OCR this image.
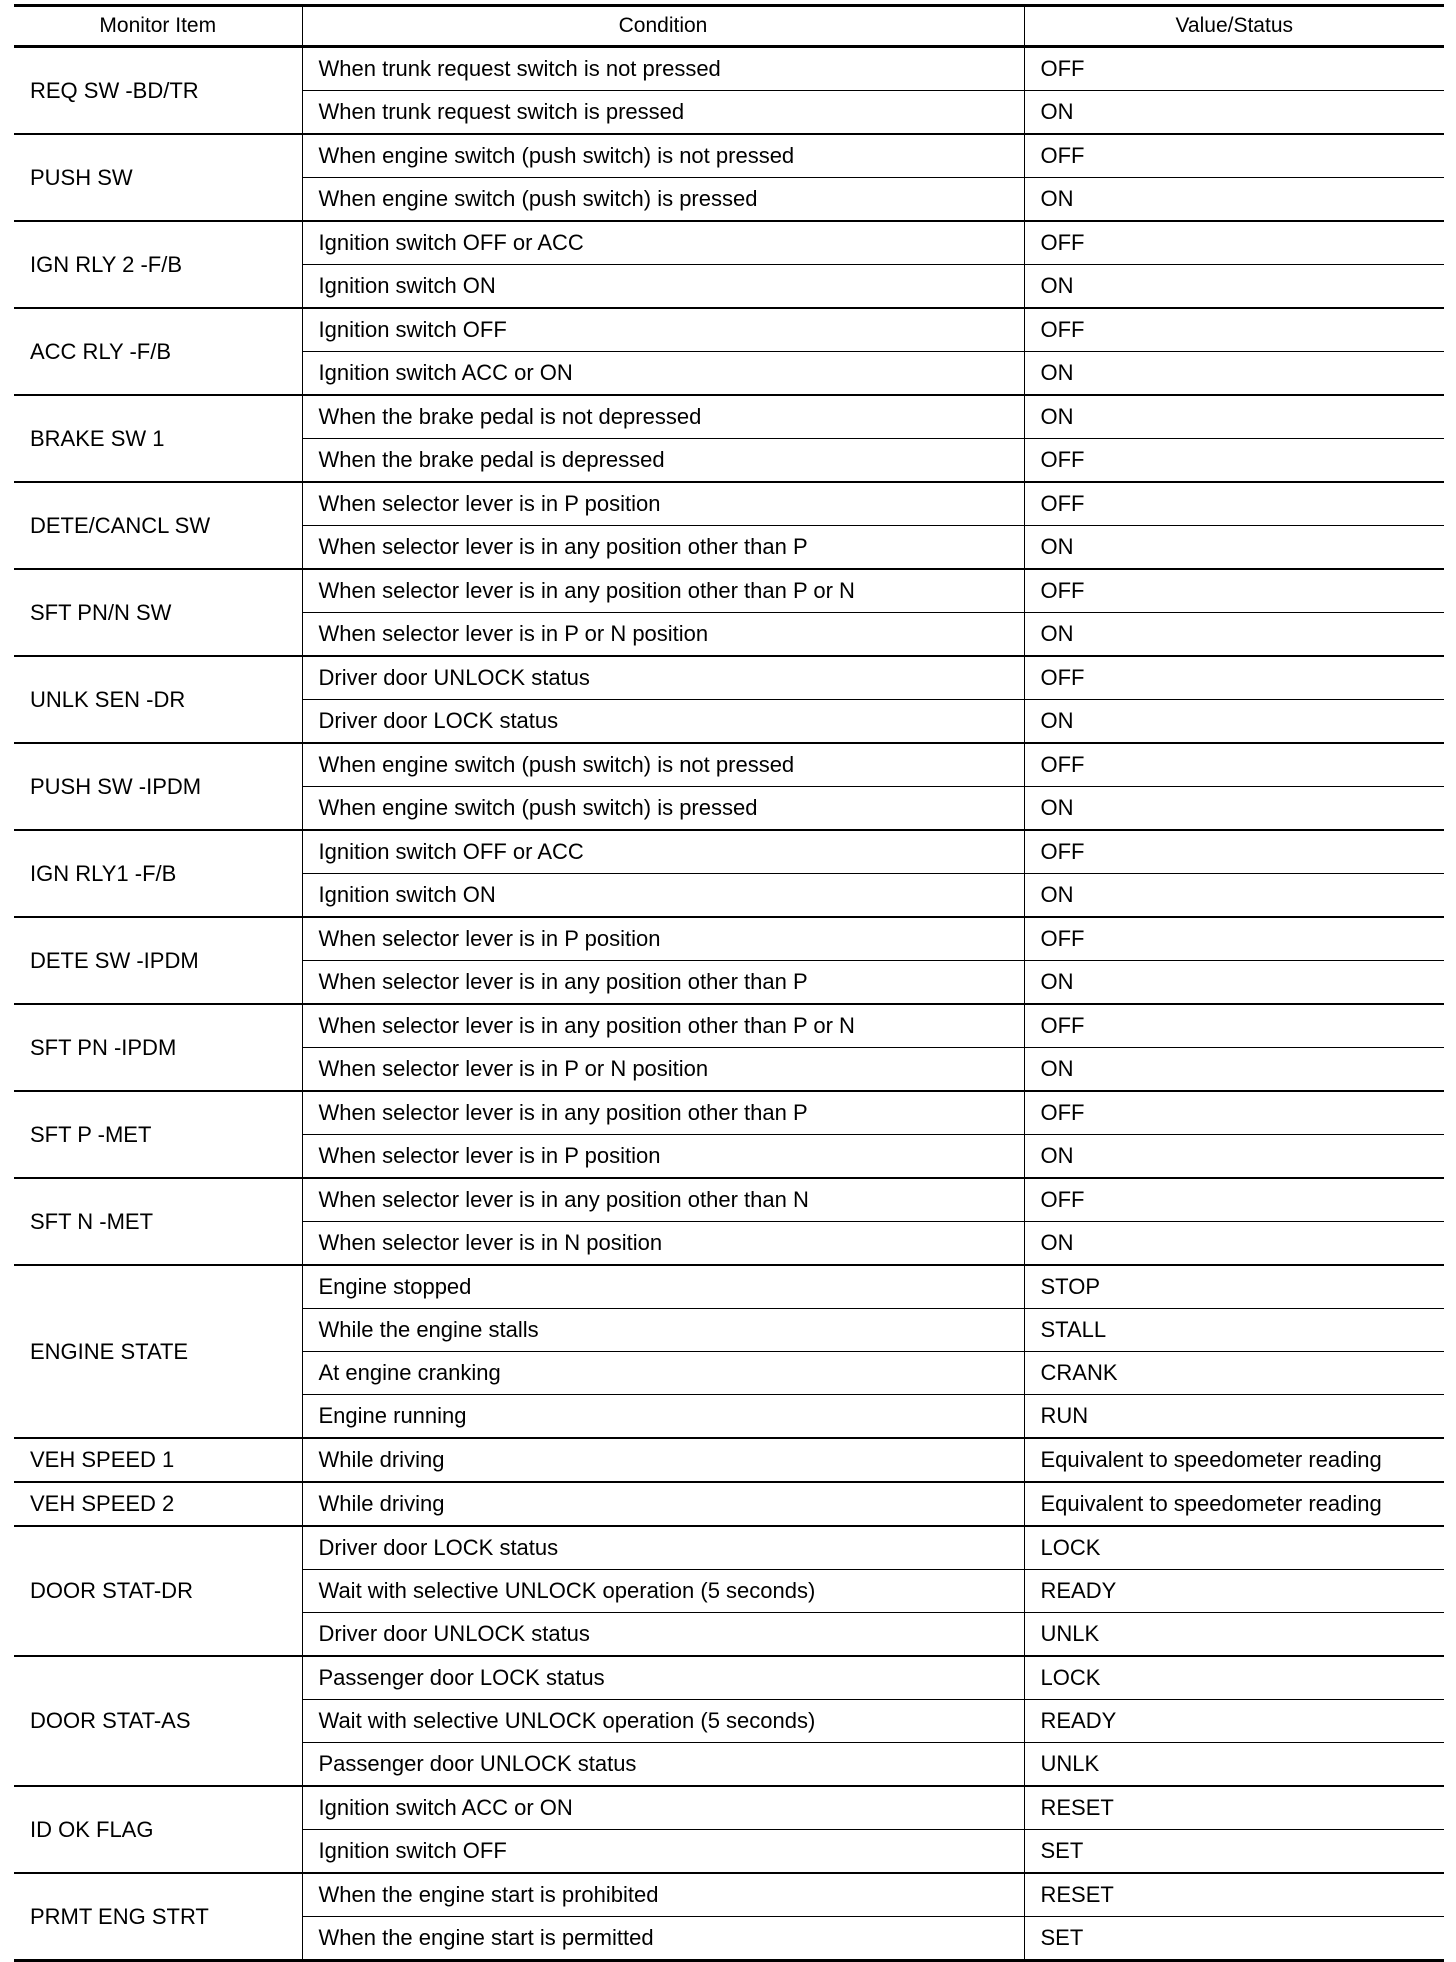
Monitor Item	Condition	Value/Status
REQ SW -BD/TR	When trunk request switch is not pressed	OFF
	When trunk request switch is pressed	ON
PUSH SW	When engine switch (push switch) is not pressed	OFF
	When engine switch (push switch) is pressed	ON
IGN RLY 2 -F/B	Ignition switch OFF or ACC	OFF
	Ignition switch ON	ON
ACC RLY -F/B	Ignition switch OFF	OFF
	Ignition switch ACC or ON	ON
BRAKE SW 1	When the brake pedal is not depressed	ON
	When the brake pedal is depressed	OFF
DETE/CANCL SW	When selector lever is in P position	OFF
	When selector lever is in any position other than P	ON
SFT PN/N SW	When selector lever is in any position other than P or N	OFF
	When selector lever is in P or N position	ON
UNLK SEN -DR	Driver door UNLOCK status	OFF
	Driver door LOCK status	ON
PUSH SW -IPDM	When engine switch (push switch) is not pressed	OFF
	When engine switch (push switch) is pressed	ON
IGN RLY1 -F/B	Ignition switch OFF or ACC	OFF
	Ignition switch ON	ON
DETE SW -IPDM	When selector lever is in P position	OFF
	When selector lever is in any position other than P	ON
SFT PN -IPDM	When selector lever is in any position other than P or N	OFF
	When selector lever is in P or N position	ON
SFT P -MET	When selector lever is in any position other than P	OFF
	When selector lever is in P position	ON
SFT N -MET	When selector lever is in any position other than N	OFF
	When selector lever is in N position	ON
ENGINE STATE	Engine stopped	STOP
	While the engine stalls	STALL
	At engine cranking	CRANK
	Engine running	RUN
VEH SPEED 1	While driving	Equivalent to speedometer reading
VEH SPEED 2	While driving	Equivalent to speedometer reading
DOOR STAT-DR	Driver door LOCK status	LOCK
	Wait with selective UNLOCK operation (5 seconds)	READY
	Driver door UNLOCK status	UNLK
DOOR STAT-AS	Passenger door LOCK status	LOCK
	Wait with selective UNLOCK operation (5 seconds)	READY
	Passenger door UNLOCK status	UNLK
ID OK FLAG	Ignition switch ACC or ON	RESET
	Ignition switch OFF	SET
PRMT ENG STRT	When the engine start is prohibited	RESET
	When the engine start is permitted	SET
